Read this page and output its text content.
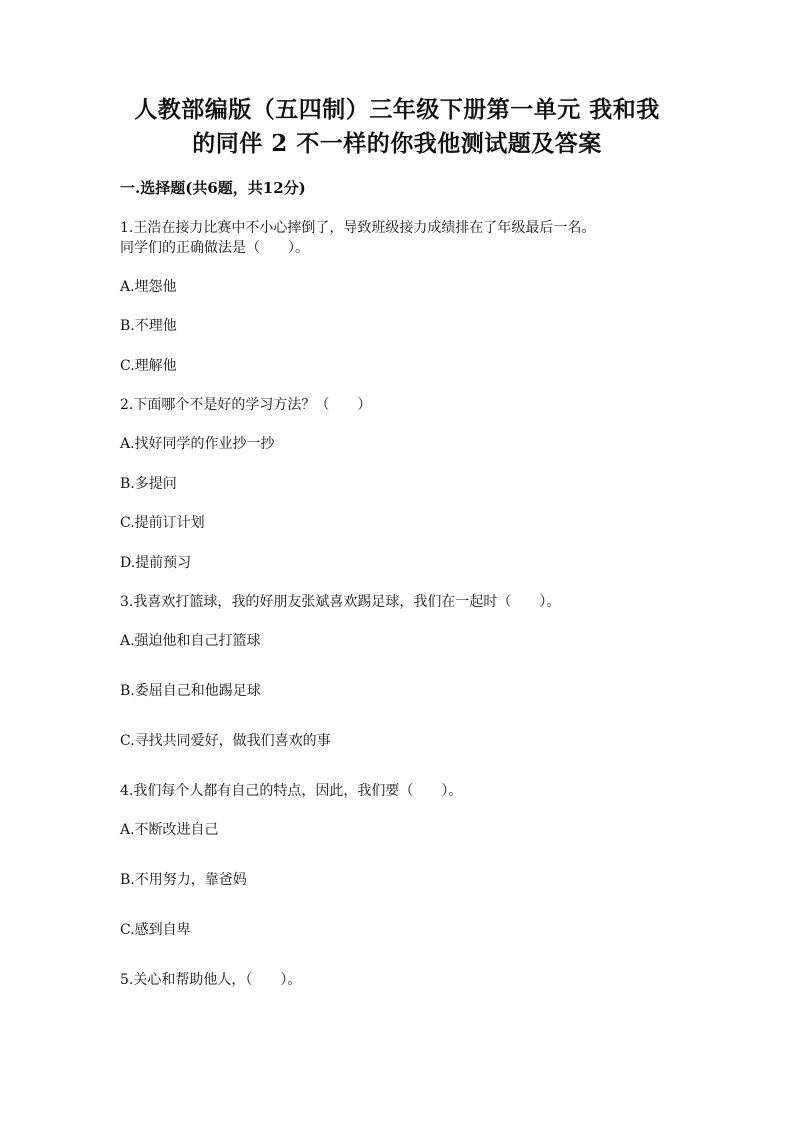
人教部编版（五四制）三年级下册第一单元 我和我
的同伴 2 不一样的你我他测试题及答案
一.选择题(共6题，共12分)
1.王浩在接力比赛中不小心摔倒了，导致班级接力成绩排在了年级最后一名。
同学们的正确做法是（　　）。
A.埋怨他
B.不理他
C.理解他
2.下面哪个不是好的学习方法？（　　）
A.找好同学的作业抄一抄
B.多提问
C.提前订计划
D.提前预习
3.我喜欢打篮球，我的好朋友张斌喜欢踢足球，我们在一起时（　　）。
A.强迫他和自己打篮球
B.委屈自己和他踢足球
C.寻找共同爱好，做我们喜欢的事
4.我们每个人都有自己的特点，因此，我们要（　　）。
A.不断改进自己
B.不用努力，靠爸妈
C.感到自卑
5.关心和帮助他人，（　　）。
